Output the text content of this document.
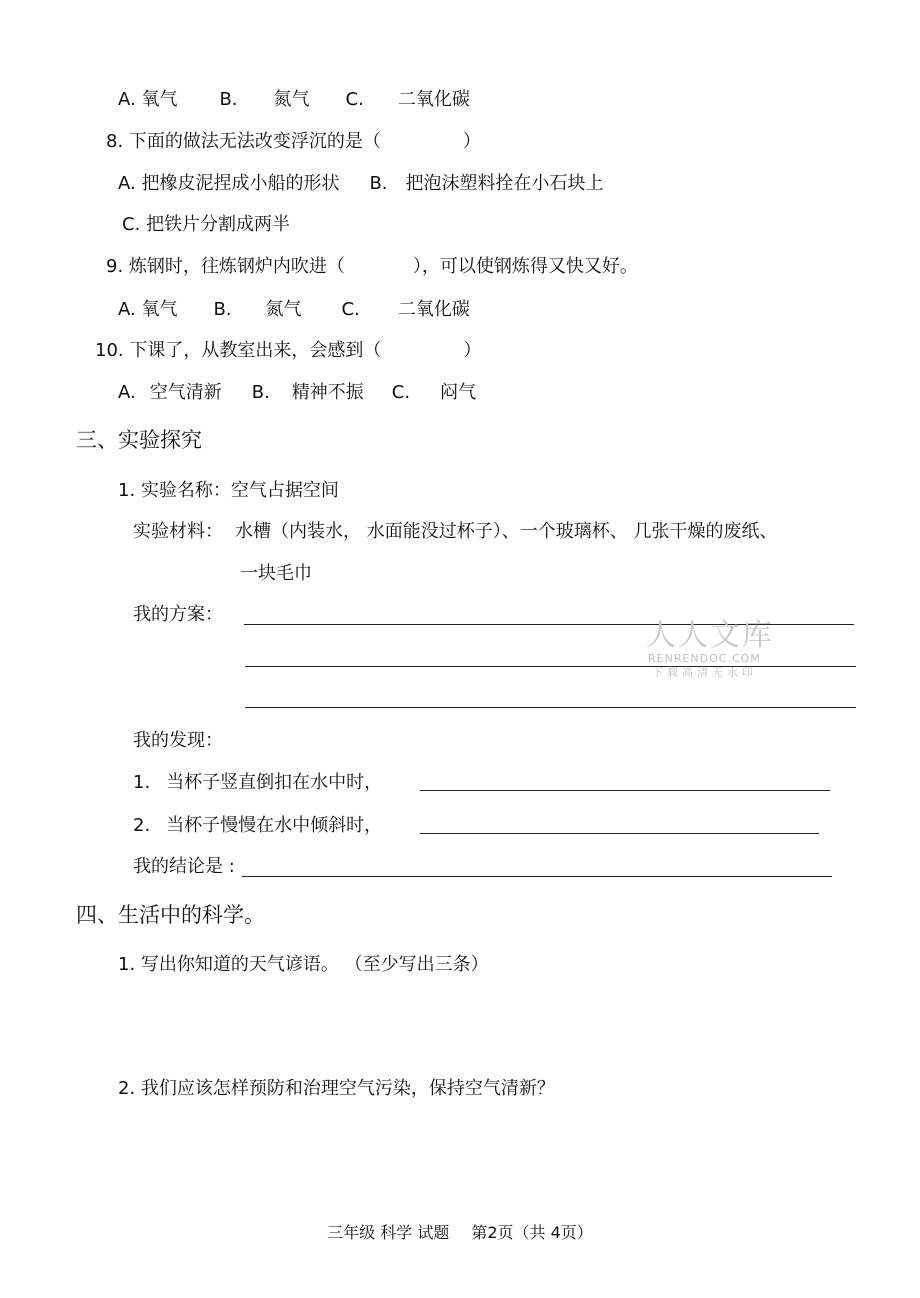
A. 氧气 B. 氮气 C. 二氧化碳
8. 下面的做法无法改变浮沉的是（	）
A. 把橡皮泥捏成小船的形状 B. 把泡沫塑料拴在小石块上
C. 把铁片分割成两半
9. 炼钢时，往炼钢炉内吹进（	），可以使钢炼得又快又好。
A. 氧气 B. 氮气 C. 二氧化碳
10. 下课了，从教室出来，会感到（	）
A. 空气清新 B. 精神不振 C. 闷气
三、实验探究
1. 实验名称：空气占据空间
实验材料： 水槽（内装水， 水面能没过杯子）、一个玻璃杯、 几张干燥的废纸、
一块毛巾
我的方案：
人人文库
RENRENDOC.COM
下载高清无水印
我的发现：
1. 当杯子竖直倒扣在水中时，
2. 当杯子慢慢在水中倾斜时，
我的结论是 :
四、生活中的科学。
1. 写出你知道的天气谚语。 （至少写出三条）
2. 我们应该怎样预防和治理空气污染，保持空气清新？
三年级 科学 试题 第2页（共 4页）
